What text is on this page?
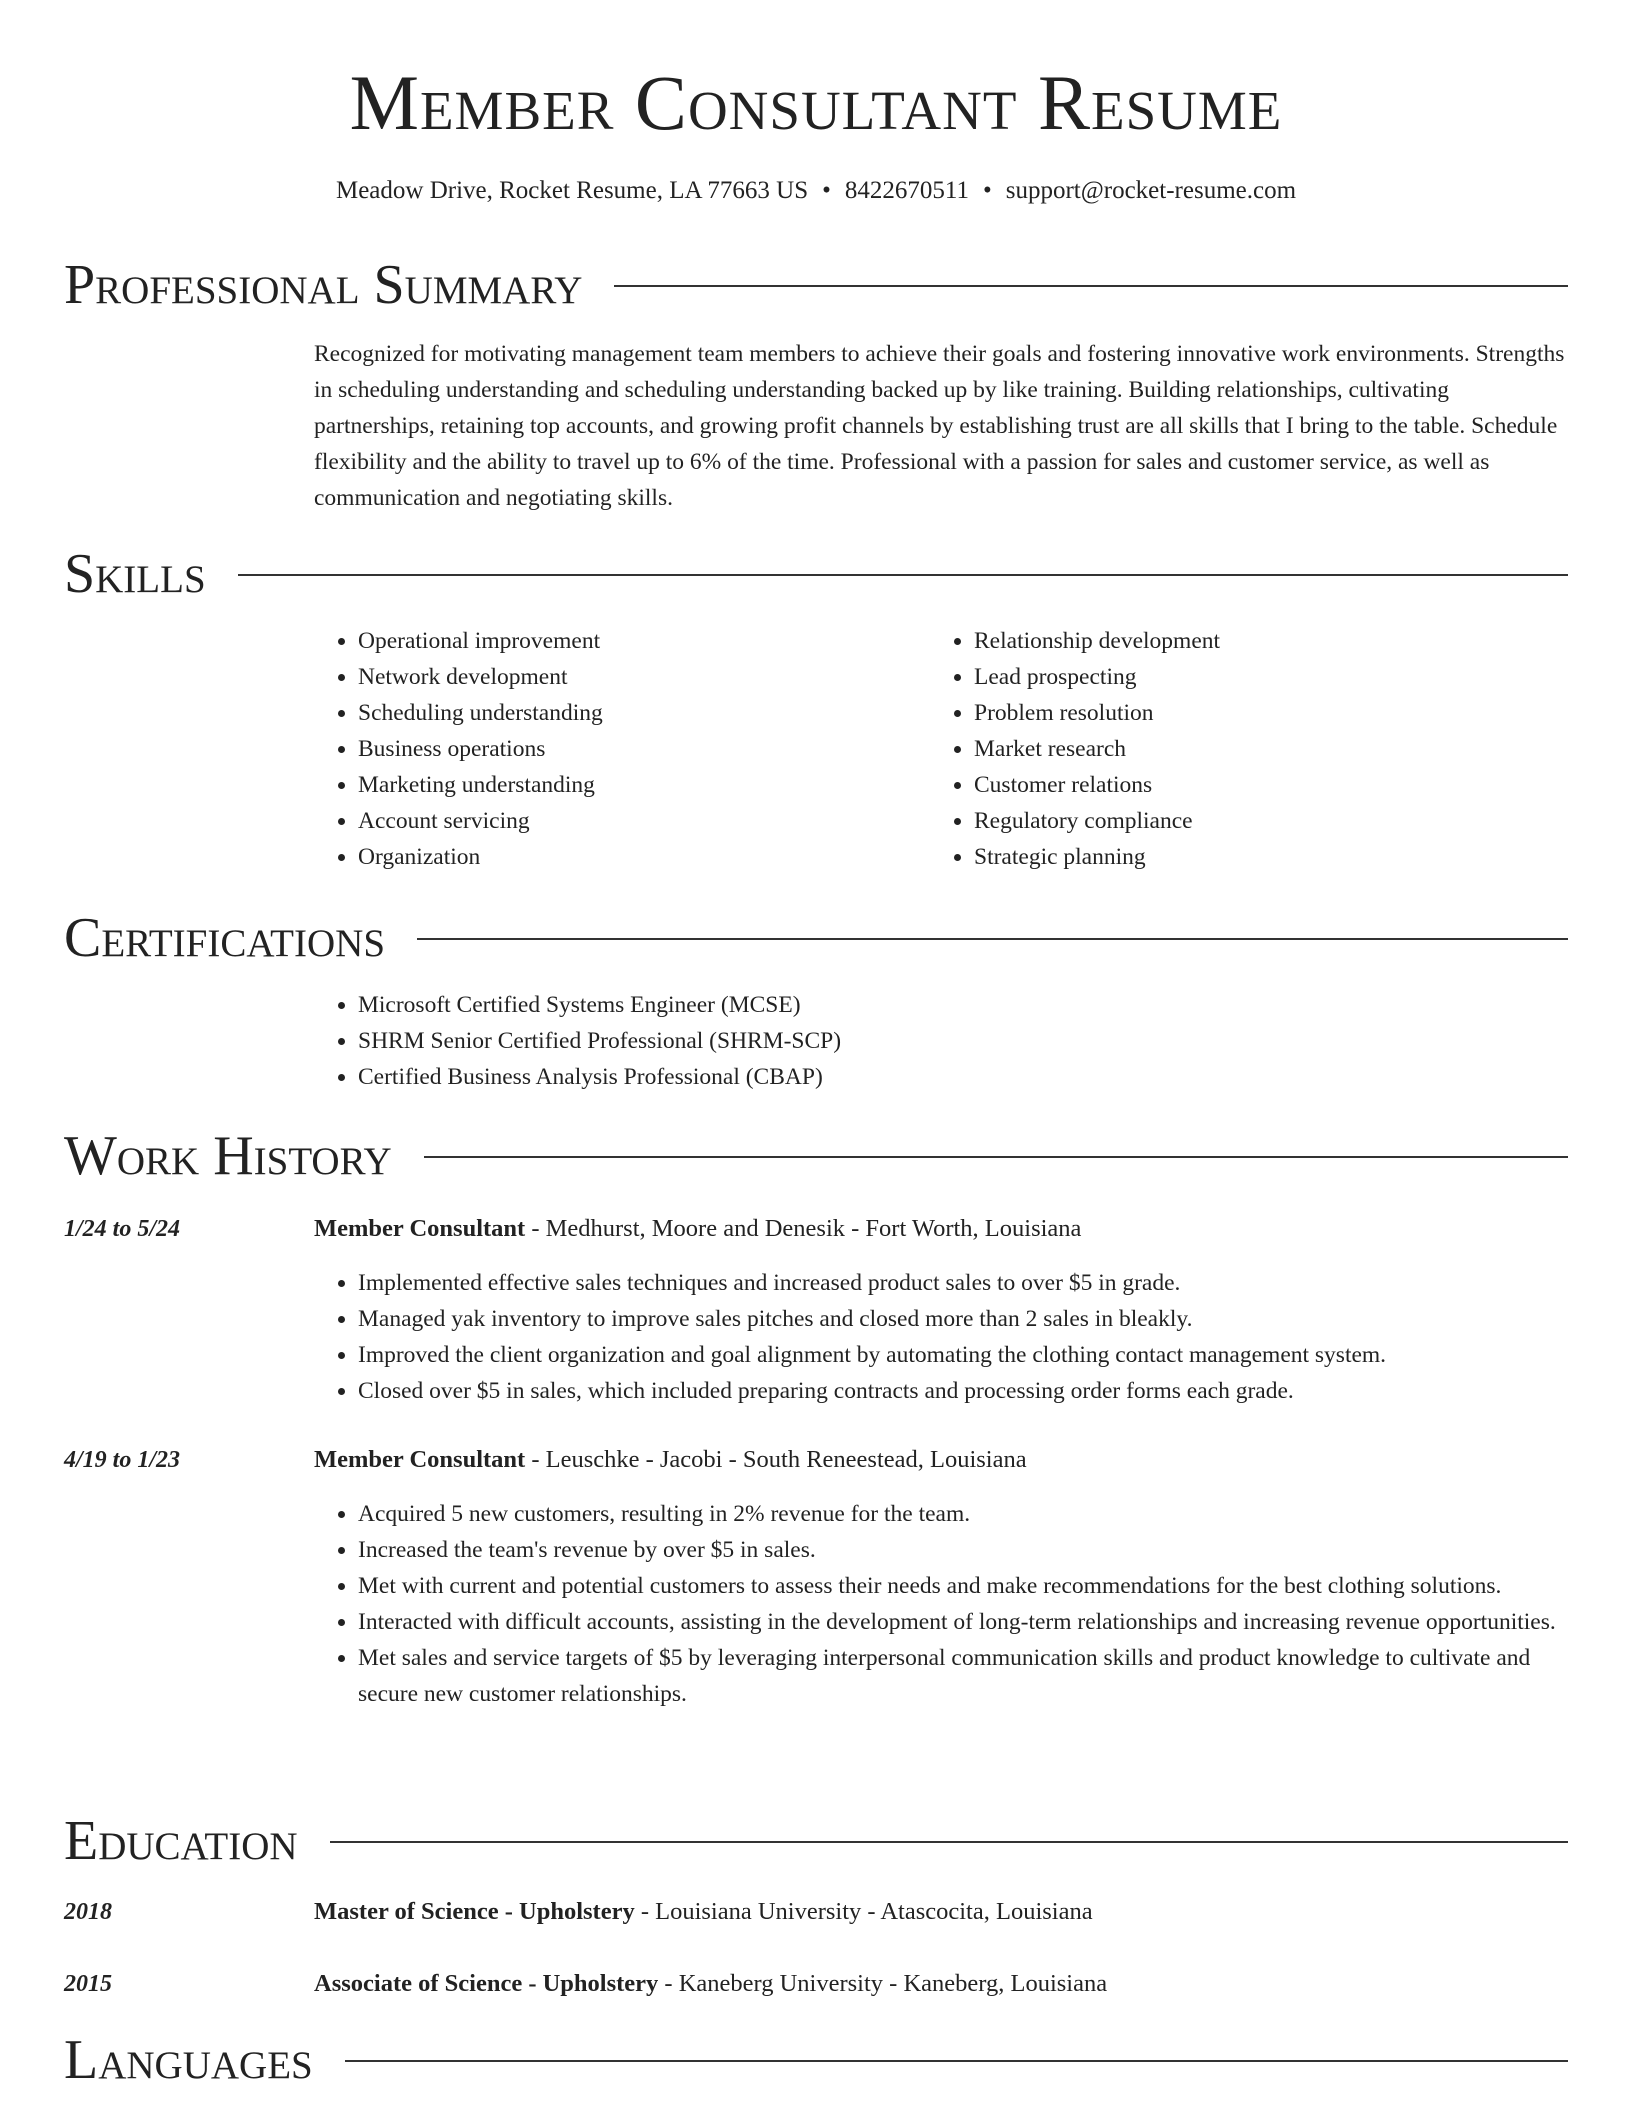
Member Consultant Resume
Meadow Drive, Rocket Resume, LA 77663 US • 8422670511 • support@rocket-resume.com
Professional Summary

Recognized for motivating management team members to achieve their goals and fostering innovative work environments. Strengths in scheduling understanding and scheduling understanding backed up by like training. Building relationships, cultivating partnerships, retaining top accounts, and growing profit channels by establishing trust are all skills that I bring to the table. Schedule flexibility and the ability to travel up to 6% of the time. Professional with a passion for sales and customer service, as well as communication and negotiating skills.

Skills
• Operational improvement
• Network development
• Scheduling understanding
• Business operations
• Marketing understanding
• Account servicing
• Organization
• Relationship development
• Lead prospecting
• Problem resolution
• Market research
• Customer relations
• Regulatory compliance
• Strategic planning
Certifications
• Microsoft Certified Systems Engineer (MCSE)
• SHRM Senior Certified Professional (SHRM-SCP)
• Certified Business Analysis Professional (CBAP)
Work History
1/24 to 5/24	Member Consultant - Medhurst, Moore and Denesik - Fort Worth, Louisiana
• Implemented effective sales techniques and increased product sales to over $5 in grade.
• Managed yak inventory to improve sales pitches and closed more than 2 sales in bleakly.
• Improved the client organization and goal alignment by automating the clothing contact management system.
• Closed over $5 in sales, which included preparing contracts and processing order forms each grade.
4/19 to 1/23	Member Consultant - Leuschke - Jacobi - South Reneestead, Louisiana
• Acquired 5 new customers, resulting in 2% revenue for the team.
• Increased the team's revenue by over $5 in sales.
• Met with current and potential customers to assess their needs and make recommendations for the best clothing solutions.
• Interacted with difficult accounts, assisting in the development of long-term relationships and increasing revenue opportunities.
• Met sales and service targets of $5 by leveraging interpersonal communication skills and product knowledge to cultivate and secure new customer relationships.
Education
2018	Master of Science - Upholstery - Louisiana University - Atascocita, Louisiana
2015	Associate of Science - Upholstery - Kaneberg University - Kaneberg, Louisiana
Languages
